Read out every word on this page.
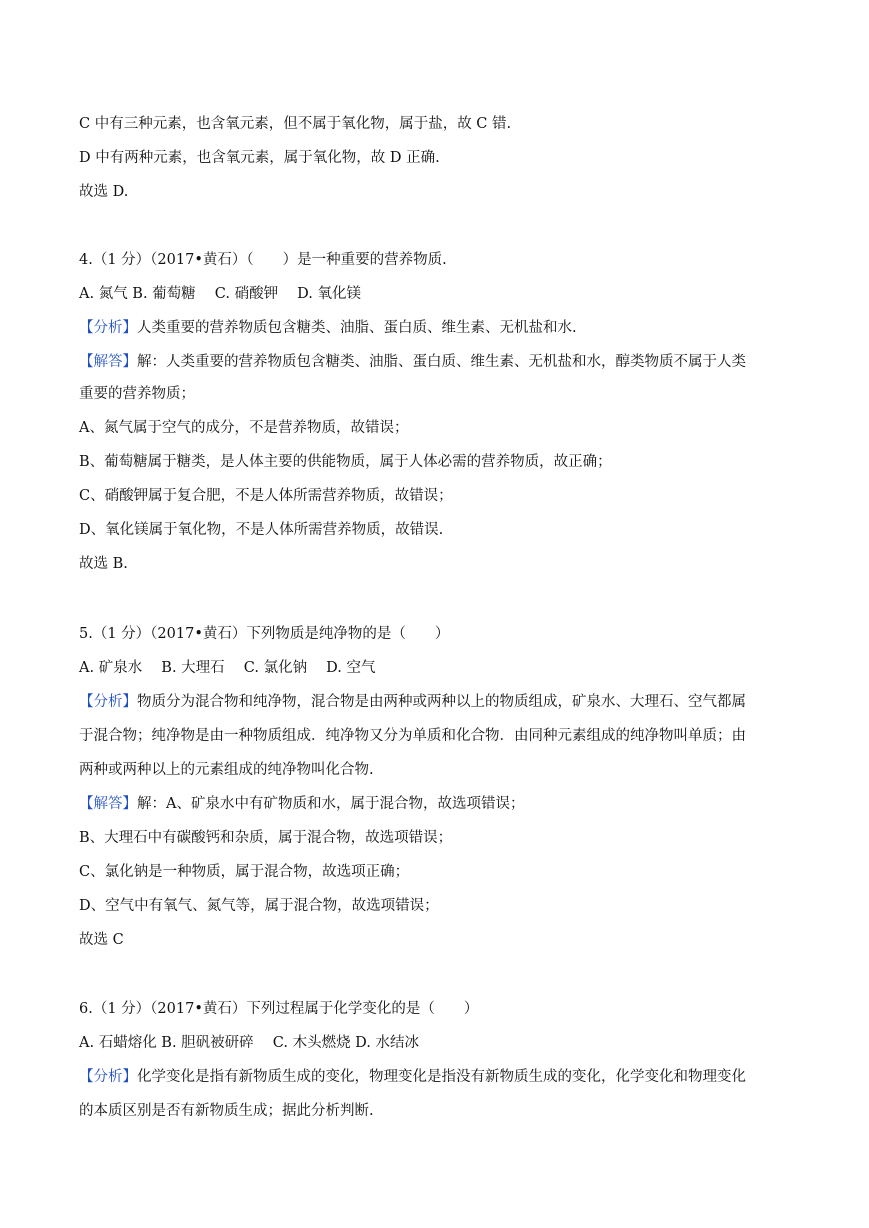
C 中有三种元素，也含氧元素，但不属于氧化物，属于盐，故 C 错.
D 中有两种元素，也含氧元素，属于氧化物，故 D 正确.
故选 D.
4.（1 分）（2017•黄石）（　　）是一种重要的营养物质.
A. 氮气 B. 葡萄糖　 C. 硝酸钾　 D. 氧化镁
【分析】人类重要的营养物质包含糖类、油脂、蛋白质、维生素、无机盐和水.
【解答】解：人类重要的营养物质包含糖类、油脂、蛋白质、维生素、无机盐和水，醇类物质不属于人类
重要的营养物质；
A、氮气属于空气的成分，不是营养物质，故错误；
B、葡萄糖属于糖类，是人体主要的供能物质，属于人体必需的营养物质，故正确；
C、硝酸钾属于复合肥，不是人体所需营养物质，故错误；
D、氧化镁属于氧化物，不是人体所需营养物质，故错误.
故选 B.
5.（1 分）（2017•黄石）下列物质是纯净物的是（　　）
A. 矿泉水　 B. 大理石　 C. 氯化钠　 D. 空气
【分析】物质分为混合物和纯净物，混合物是由两种或两种以上的物质组成，矿泉水、大理石、空气都属
于混合物；纯净物是由一种物质组成．纯净物又分为单质和化合物．由同种元素组成的纯净物叫单质；由
两种或两种以上的元素组成的纯净物叫化合物.
【解答】解：A、矿泉水中有矿物质和水，属于混合物，故选项错误；
B、大理石中有碳酸钙和杂质，属于混合物，故选项错误；
C、氯化钠是一种物质，属于混合物，故选项正确；
D、空气中有氧气、氮气等，属于混合物，故选项错误；
故选 C
6.（1 分）（2017•黄石）下列过程属于化学变化的是（　　）
A. 石蜡熔化 B. 胆矾被研碎　 C. 木头燃烧 D. 水结冰
【分析】化学变化是指有新物质生成的变化，物理变化是指没有新物质生成的变化，化学变化和物理变化
的本质区别是否有新物质生成；据此分析判断.
